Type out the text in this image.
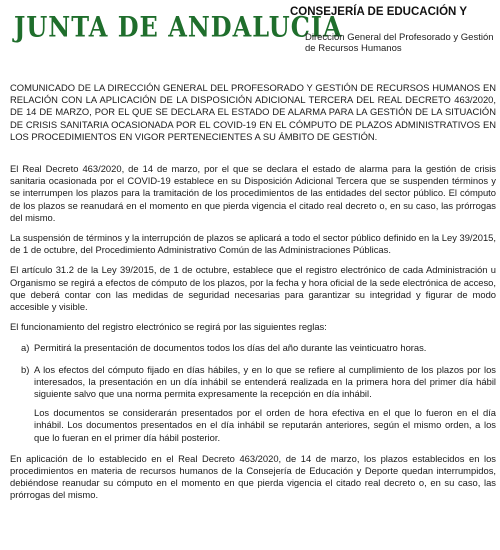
JUNTA DE ANDALUCIA
CONSEJERÍA DE EDUCACIÓN Y
Dirección General del Profesorado y Gestión de Recursos Humanos

COMUNICADO DE LA DIRECCIÓN GENERAL DEL PROFESORADO Y GESTIÓN DE RECURSOS HUMANOS EN RELACIÓN CON LA APLICACIÓN DE LA DISPOSICIÓN ADICIONAL TERCERA DEL REAL DECRETO 463/2020, DE 14 DE MARZO, POR EL QUE SE DECLARA EL ESTADO DE ALARMA PARA LA GESTIÓN DE LA SITUACIÓN DE CRISIS SANITARIA OCASIONADA POR EL COVID-19 EN EL CÓMPUTO DE PLAZOS ADMINISTRATIVOS EN LOS PROCEDIMIENTOS EN VIGOR PERTENECIENTES A SU ÁMBITO DE GESTIÓN.

El Real Decreto 463/2020, de 14 de marzo, por el que se declara el estado de alarma para la gestión de crisis sanitaria ocasionada por el COVID-19 establece en su Disposición Adicional Tercera que se suspenden términos y se interrumpen los plazos para la tramitación de los procedimientos de las entidades del sector público. El cómputo de los plazos se reanudará en el momento en que pierda vigencia el citado real decreto o, en su caso, las prórrogas del mismo.

La suspensión de términos y la interrupción de plazos se aplicará a todo el sector público definido en la Ley 39/2015, de 1 de octubre, del Procedimiento Administrativo Común de las Administraciones Públicas.

El artículo 31.2 de la Ley 39/2015, de 1 de octubre, establece que el registro electrónico de cada Administración u Organismo se regirá a efectos de cómputo de los plazos, por la fecha y hora oficial de la sede electrónica de acceso, que deberá contar con las medidas de seguridad necesarias para garantizar su integridad y figurar de modo accesible y visible.

El funcionamiento del registro electrónico se regirá por las siguientes reglas:

a) Permitirá la presentación de documentos todos los días del año durante las veinticuatro horas.
b) A los efectos del cómputo fijado en días hábiles, y en lo que se refiere al cumplimiento de los plazos por los interesados, la presentación en un día inhábil se entenderá realizada en la primera hora del primer día hábil siguiente salvo que una norma permita expresamente la recepción en día inhábil.

Los documentos se considerarán presentados por el orden de hora efectiva en el que lo fueron en el día inhábil. Los documentos presentados en el día inhábil se reputarán anteriores, según el mismo orden, a los que lo fueran en el primer día hábil posterior.

En aplicación de lo establecido en el Real Decreto 463/2020, de 14 de marzo, los plazos establecidos en los procedimientos en materia de recursos humanos de la Consejería de Educación y Deporte quedan interrumpidos, debiéndose reanudar su cómputo en el momento en que pierda vigencia el citado real decreto o, en su caso, las prórrogas del mismo.
